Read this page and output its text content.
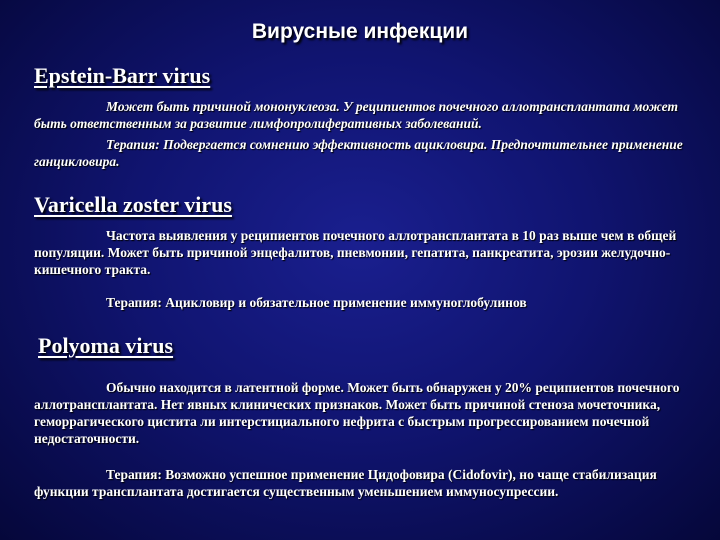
Вирусные инфекции
Epstein-Barr virus

Может быть причиной мононуклеоза. У реципиентов почечного аллотрансплантата может быть ответственным за развитие лимфопролиферативных заболеваний.

Терапия: Подвергается сомнению эффективность ацикловира. Предпочтительнее применение ганцикловира.

Varicella zoster virus

Частота выявления у реципиентов почечного аллотрансплантата в 10 раз выше чем в общей популяции. Может быть причиной энцефалитов, пневмонии, гепатита, панкреатита, эрозии желудочно-кишечного тракта.

Терапия: Ацикловир и обязательное применение иммуноглобулинов

Polyoma virus

Обычно находится в латентной форме. Может быть обнаружен у 20% реципиентов почечного аллотрансплантата. Нет явных клинических признаков. Может быть причиной стеноза мочеточника, геморрагического цистита ли интерстициального нефрита с быстрым прогрессированием почечной недостаточности.

Терапия: Возможно успешное применение Цидофовира (Cidofovir), но чаще стабилизация функции трансплантата достигается существенным уменьшением иммуносупрессии.
